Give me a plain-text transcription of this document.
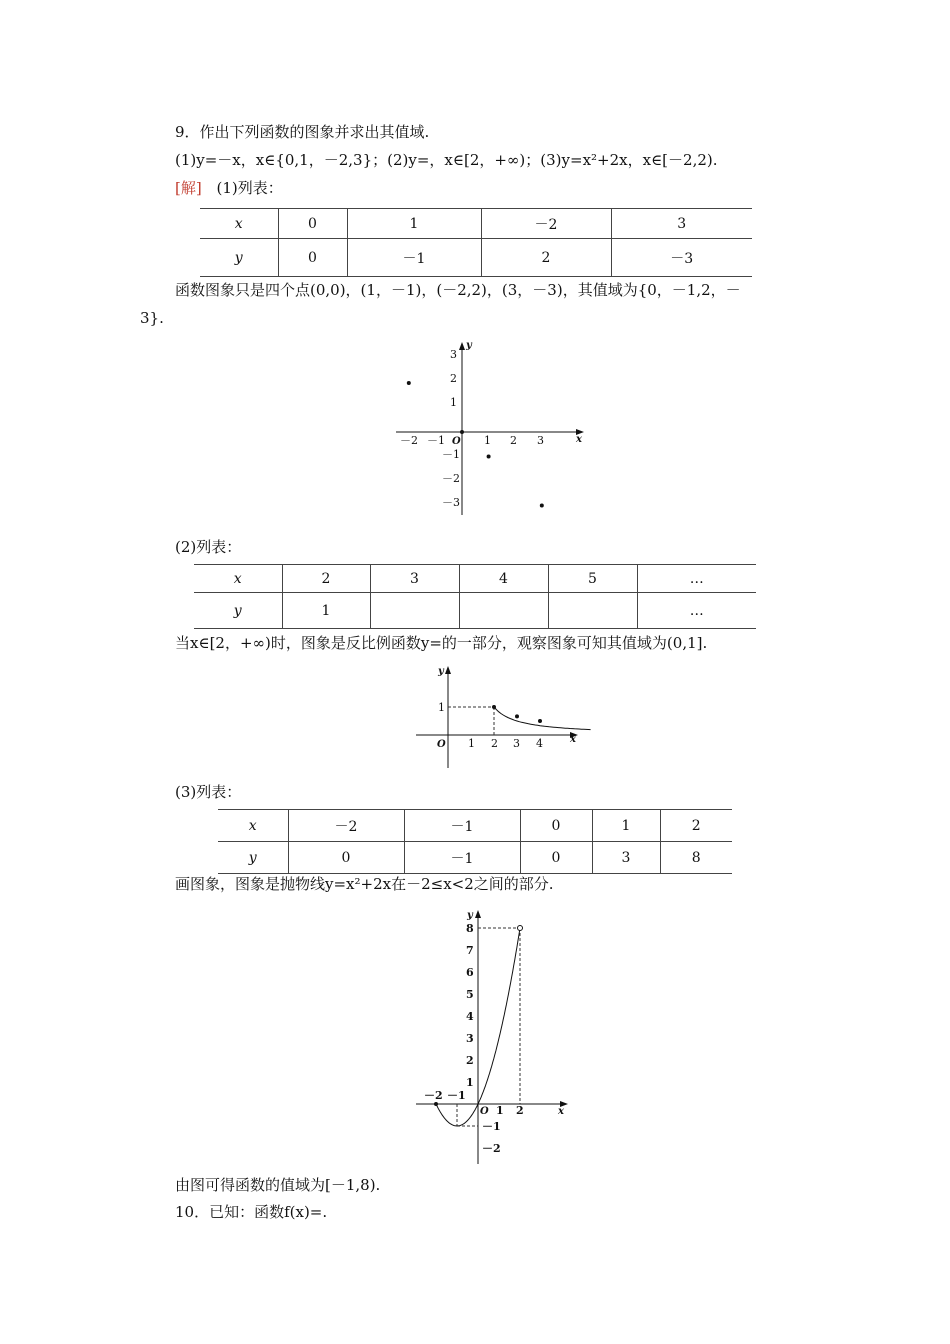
9．作出下列函数的图象并求出其值域.
(1)y=－x，x∈{0,1，－2,3}；(2)y=，x∈[2，+∞)；(3)y=x²+2x，x∈[－2,2).
[解] (1)列表：
x	0	1	－2	3
y	0	－1	2	－3
函数图象只是四个点(0,0)，(1，－1)，(－2,2)，(3，－3)，其值域为{0，－1,2，－
3}.
x
y
O
－2 －1	1 2 3
3
2
1
－1
－2
－3
(2)列表：
x	2	3	4	5	…
y	1				…
当x∈[2，+∞)时，图象是反比例函数y=的一部分，观察图象可知其值域为(0,1].
x
y
O 1 2 3 4
1
(3)列表：
x	－2	－1	0	1	2
y	0	－1	0	3	8
画图象，图象是抛物线y=x²+2x在－2≤x<2之间的部分.
x
y
O
－2 －1
1 2
8
7
6
5
4
3
2
1
－1
－2
由图可得函数的值域为[－1,8).
10．已知：函数f(x)=.
